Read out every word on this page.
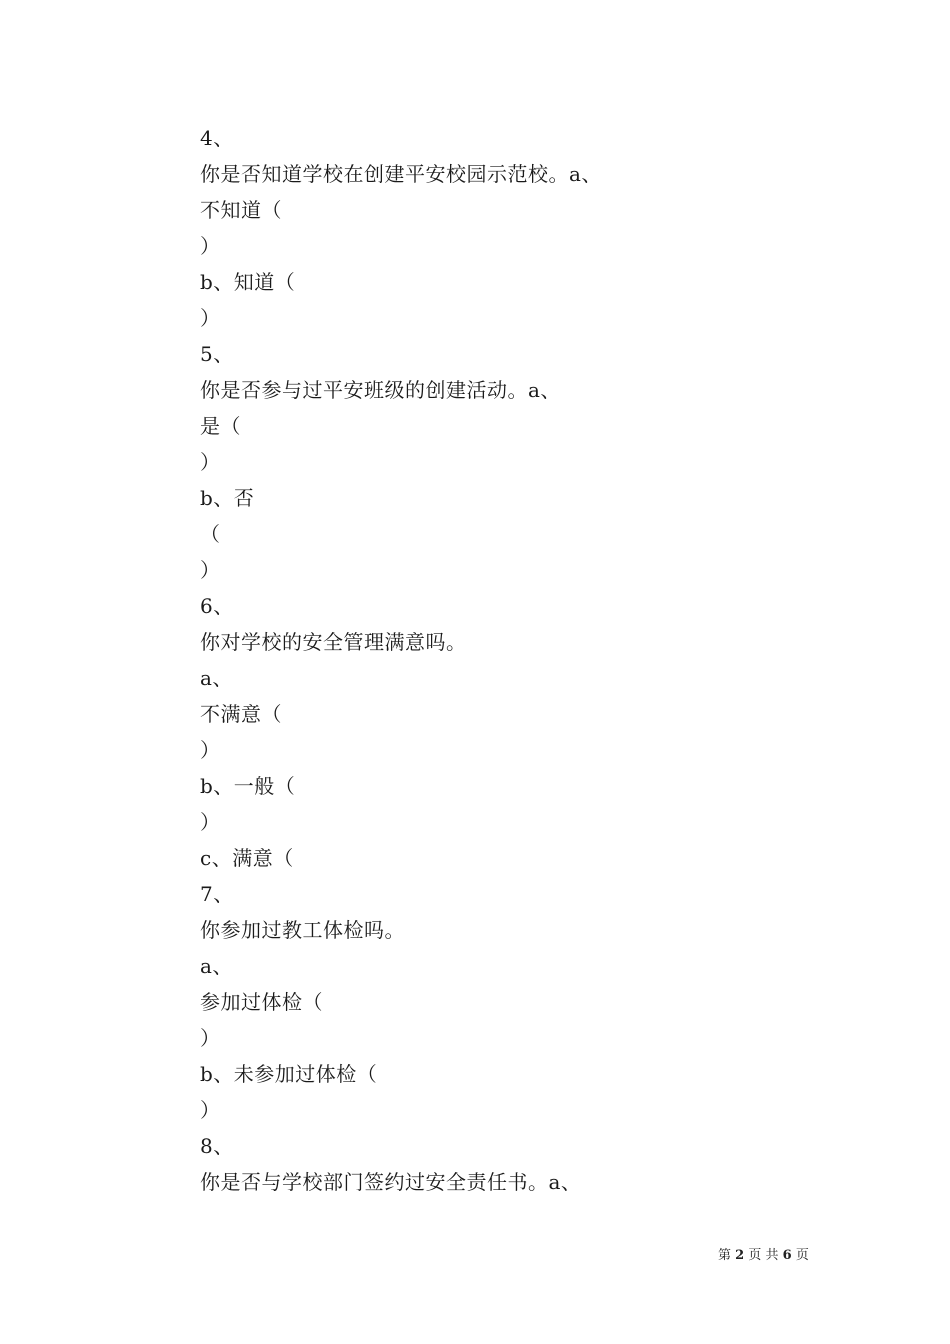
4、
你是否知道学校在创建平安校园示范校。a、
不知道（
）
b、知道（
）
5、
你是否参与过平安班级的创建活动。a、
是（
）
b、否
（
）
6、
你对学校的安全管理满意吗。
a、
不满意（
）
b、一般（
）
c、满意（
7、
你参加过教工体检吗。
a、
参加过体检（
）
b、未参加过体检（
）
8、
你是否与学校部门签约过安全责任书。a、
第 2 页 共 6 页
